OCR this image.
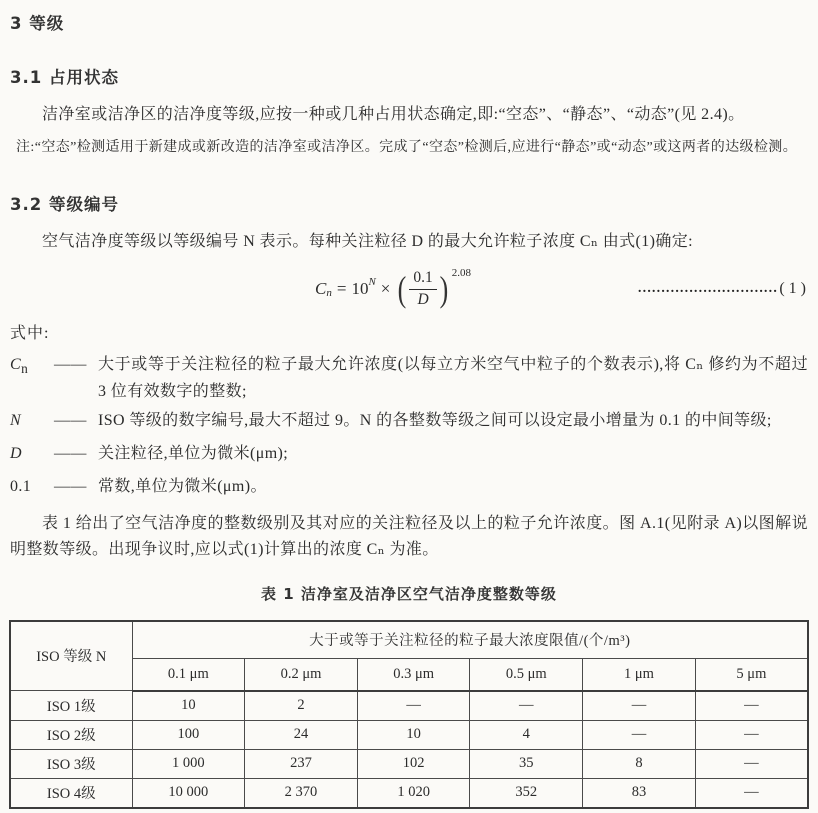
3 等级
3.1 占用状态

洁净室或洁净区的洁净度等级,应按一种或几种占用状态确定,即:“空态”、“静态”、“动态”(见 2.4)。

注:“空态”检测适用于新建成或新改造的洁净室或洁净区。完成了“空态”检测后,应进行“静态”或“动态”或这两者的达级检测。

3.2 等级编号

空气洁净度等级以等级编号 N 表示。每种关注粒径 D 的最大允许粒子浓度 Cₙ 由式(1)确定:

$C_n = 10$ N × ( $\frac{0.1}{D}$ ) 2.08
………………………… ( 1 )

式中:

$C_n$	—— 大于或等于关注粒径的粒子最大允许浓度(以每立方米空气中粒子的个数表示),将 Cₙ 修约为不超过 3 位有效数字的整数;
N	—— ISO 等级的数字编号,最大不超过 9。N 的各整数等级之间可以设定最小增量为 0.1 的中间等级;
D	—— 关注粒径,单位为微米(μm);
0.1	—— 常数,单位为微米(μm)。

表 1 给出了空气洁净度的整数级别及其对应的关注粒径及以上的粒子允许浓度。图 A.1(见附录 A)以图解说明整数等级。出现争议时,应以式(1)计算出的浓度 Cₙ 为准。

表 1 洁净室及洁净区空气洁净度整数等级
ISO 等级 N	大于或等于关注粒径的粒子最大浓度限值/(个/m³)					
	0.1 μm	0.2 μm	0.3 μm	0.5 μm	1 μm	5 μm
ISO 1级	10	2	—	—	—	—
ISO 2级	100	24	10	4	—	—
ISO 3级	1 000	237	102	35	8	—
ISO 4级	10 000	2 370	1 020	352	83	—
